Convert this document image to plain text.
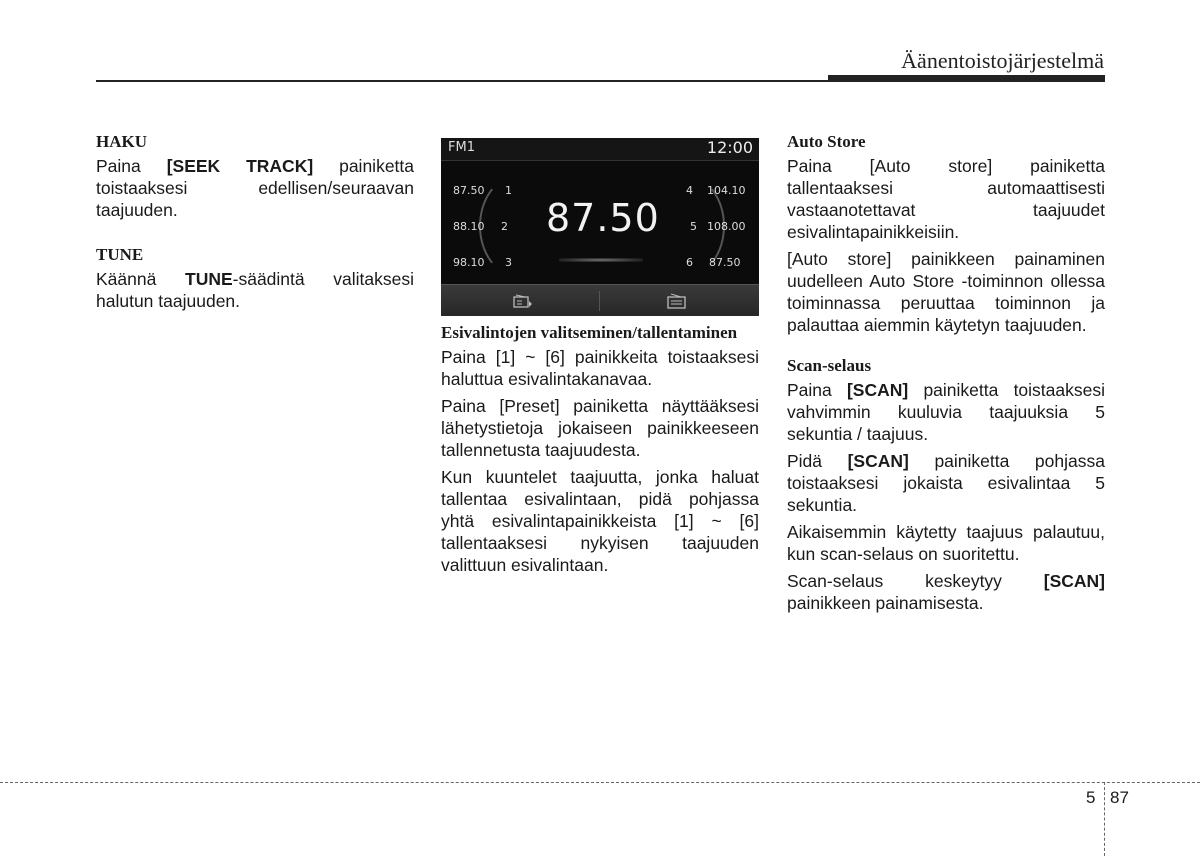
Äänentoistojärjestelmä
HAKU

Paina [SEEK TRACK] painiketta toistaaksesi edellisen/seuraavan taajuuden.

TUNE

Käännä TUNE-säädintä valitaksesi halutun taajuuden.

FM1	12:00
87.50 1
88.10 2
98.10 3
4 104.10
5 108.00
6 87.50
87.50
Esivalintojen valitseminen/tallentaminen

Paina [1] ~ [6] painikkeita toistaaksesi haluttua esivalintakanavaa.

Paina [Preset] painiketta näyttääksesi lähetystietoja jokaiseen painikkeeseen tallennetusta taajuudesta.

Kun kuuntelet taajuutta, jonka haluat tallentaa esivalintaan, pidä pohjassa yhtä esivalintapainikkeista [1] ~ [6] tallentaaksesi nykyisen taajuuden valittuun esivalintaan.

Auto Store

Paina [Auto store] painiketta tallentaaksesi automaattisesti vastaanotettavat taajuudet esivalintapainikkeisiin.

[Auto store] painikkeen painaminen uudelleen Auto Store -toiminnon ollessa toiminnassa peruuttaa toiminnon ja palauttaa aiemmin käytetyn taajuuden.

Scan-selaus

Paina [SCAN] painiketta toistaaksesi vahvimmin kuuluvia taajuuksia 5 sekuntia / taajuus.

Pidä [SCAN] painiketta pohjassa toistaaksesi jokaista esivalintaa 5 sekuntia.

Aikaisemmin käytetty taajuus palautuu, kun scan-selaus on suoritettu.

Scan-selaus keskeytyy [SCAN] painikkeen painamisesta.

5 87
